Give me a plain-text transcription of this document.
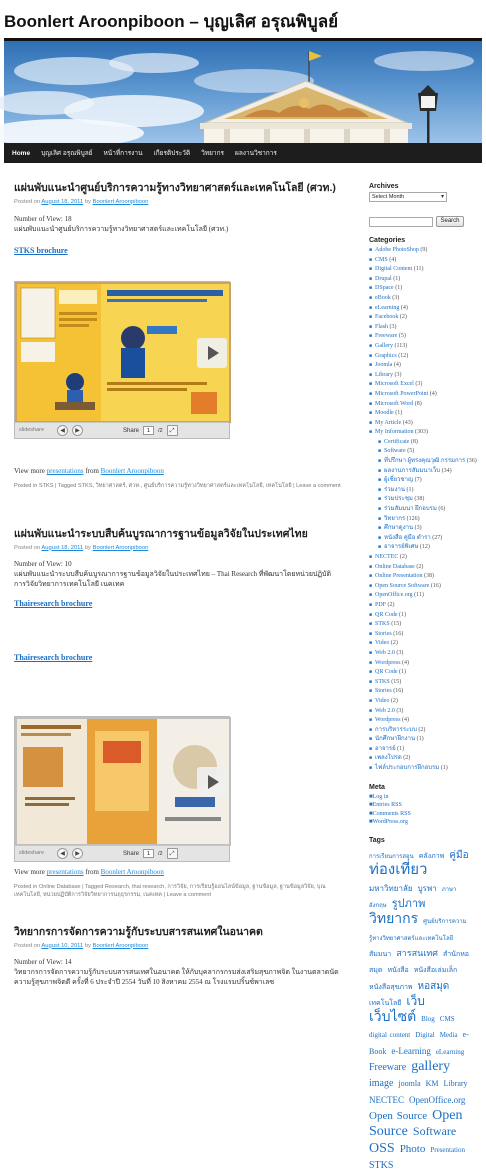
Boonlert Aroonpiboon – บุญเลิศ อรุณพิบูลย์
Home บุญเลิศ อรุณพิบูลย์ หน้าที่การงาน เกียรติประวัติ วิทยากร ผลงานวิชาการ
แผ่นพับแนะนำศูนย์บริการความรู้ทางวิทยาศาสตร์และเทคโนโลยี (ศวท.)
Posted on August 18, 2011 by Boonlert Aroonpiboon
Number of View: 18
แผ่นพับแนะนำศูนย์บริการความรู้ทางวิทยาศาสตร์และเทคโนโลยี (ศวท.)
STKS brochure
slideshare	◀	▶	Share	1	/2	⤢
View more presentations from Boonlert Aroonpiboon
Posted in STKS | Tagged STKS, วิทยาศาสตร์, ศวท., ศูนย์บริการความรู้ทางวิทยาศาสตร์และเทคโนโลยี, เทคโนโลยี | Leave a comment
แผ่นพับแนะนำระบบสืบค้นบูรณาการฐานข้อมูลวิจัยในประเทศไทย
Posted on August 18, 2011 by Boonlert Aroonpiboon
Number of View: 10
แผ่นพับแนะนำระบบสืบค้นบูรณาการฐานข้อมูลวิจัยในประเทศไทย – Thai Research ที่พัฒนาโดยหน่วยปฏิบัติการวิจัยวิทยาการเทคโนโลยี เนคเทค
Thairesearch brochure
Thairesearch brochure
slideshare	◀	▶	Share	1	/2	⤢
View more presentations from Boonlert Aroonpiboon
Posted in Online Database | Tagged Research, thai research, การวิจัย, การเรียนรู้ออนไลน์ข้อมูล, ฐานข้อมูล, ฐานข้อมูลวิจัย, บุณเทคโนโลยี, หน่วยปฏิบัติการวิจัยวิทยาการนฤธุรกรรม, เนคเทค | Leave a comment
วิทยากรการจัดการความรู้กับระบบสารสนเทศในอนาคต
Posted on August 10, 2011 by Boonlert Aroonpiboon
Number of View: 14
วิทยากรการจัดการความรู้กับระบบสารสนเทศในอนาคต ให้กับบุคลากรกรมส่งเสริมสุขภาพจิต ในงานตลาดนัดความรู้สุขภาพจิตดี ครั้งที่ 6 ประจำปี 2554 วันที่ 10 สิงหาคม 2554 ณ โรงแรมปริ้นซ์พาเลซ
Archives
Select Month ▾
Search
Categories
■ Adobe PhotoShop (9)
■ CMS (4)
■ Digital Content (11)
■ Drupal (1)
■ DSpace (1)
■ eBook (3)
■ eLearning (4)
■ Facebook (2)
■ Flash (3)
■ Freeware (5)
■ Gallery (113)
■ Graphics (12)
■ Joomla (4)
■ Library (3)
■ Microsoft Excel (3)
■ Microsoft PowerPoint (4)
■ Microsoft Word (8)
■ Moodle (1)
■ My Article (43)
■ My Information (303)
■ Certificate (8)
■ Software (5)
■ ที่ปรึกษา ผู้ทรงคุณวุฒิ กรรมการ (36)
■ ผลงานการสัมมนาเว็บ (34)
■ ผู้เชี่ยวชาญ (7)
■ ร่วมงาน (1)
■ ร่วมประชุม (38)
■ ร่วมสัมมนา ฝึกอบรม (6)
■ วิทยากร (126)
■ ศึกษาดูงาน (3)
■ หนังสือ คู่มือ ตำรา (27)
■ อาจารย์พิเศษ (12)
■ NECTEC (2)
■ Online Database (2)
■ Online Presentation (38)
■ Open Source Software (16)
■ OpenOffice.org (11)
■ PDF (2)
■ QR Code (1)
■ STKS (15)
■ Stories (16)
■ Video (2)
■ Web 2.0 (3)
■ Wordpress (4)
■ QR Code (1)
■ STKS (15)
■ Stories (16)
■ Video (2)
■ Web 2.0 (3)
■ Wordpress (4)
■ การบริหารระบบ (2)
■ นักศึกษาฝึกงาน (1)
■ อาจารย์ (1)
■ เพลงโปรด (2)
■ ไฟล์ประกอบการฝึกอบรม (1)
Meta
■Log in
■Entries RSS
■Comments RSS
■WordPress.org
Tags
การเรียนการสอน คลังภาพ คู่มือ ท่องเที่ยว มหาวิทยาลัย บูรพา ภาษาอังกฤษ รูปภาพ วิทยากร ศูนย์บริการความรู้ทางวิทยาศาสตร์และเทคโนโลยี สัมมนา สารสนเทศ สำนักหอสมุด หนังสือ หนังสือเล่มเล็ก หนังสือสุขภาพ หอสมุด เทคโนโลยี เว็บ เว็บไซต์ Blog CMS digital content Digital Media e-Book e-Learning eLearning Freeware gallery image joomla KM Library NECTEC OpenOffice.org Open Source Open Source Software OSS Photo Presentation STKS
